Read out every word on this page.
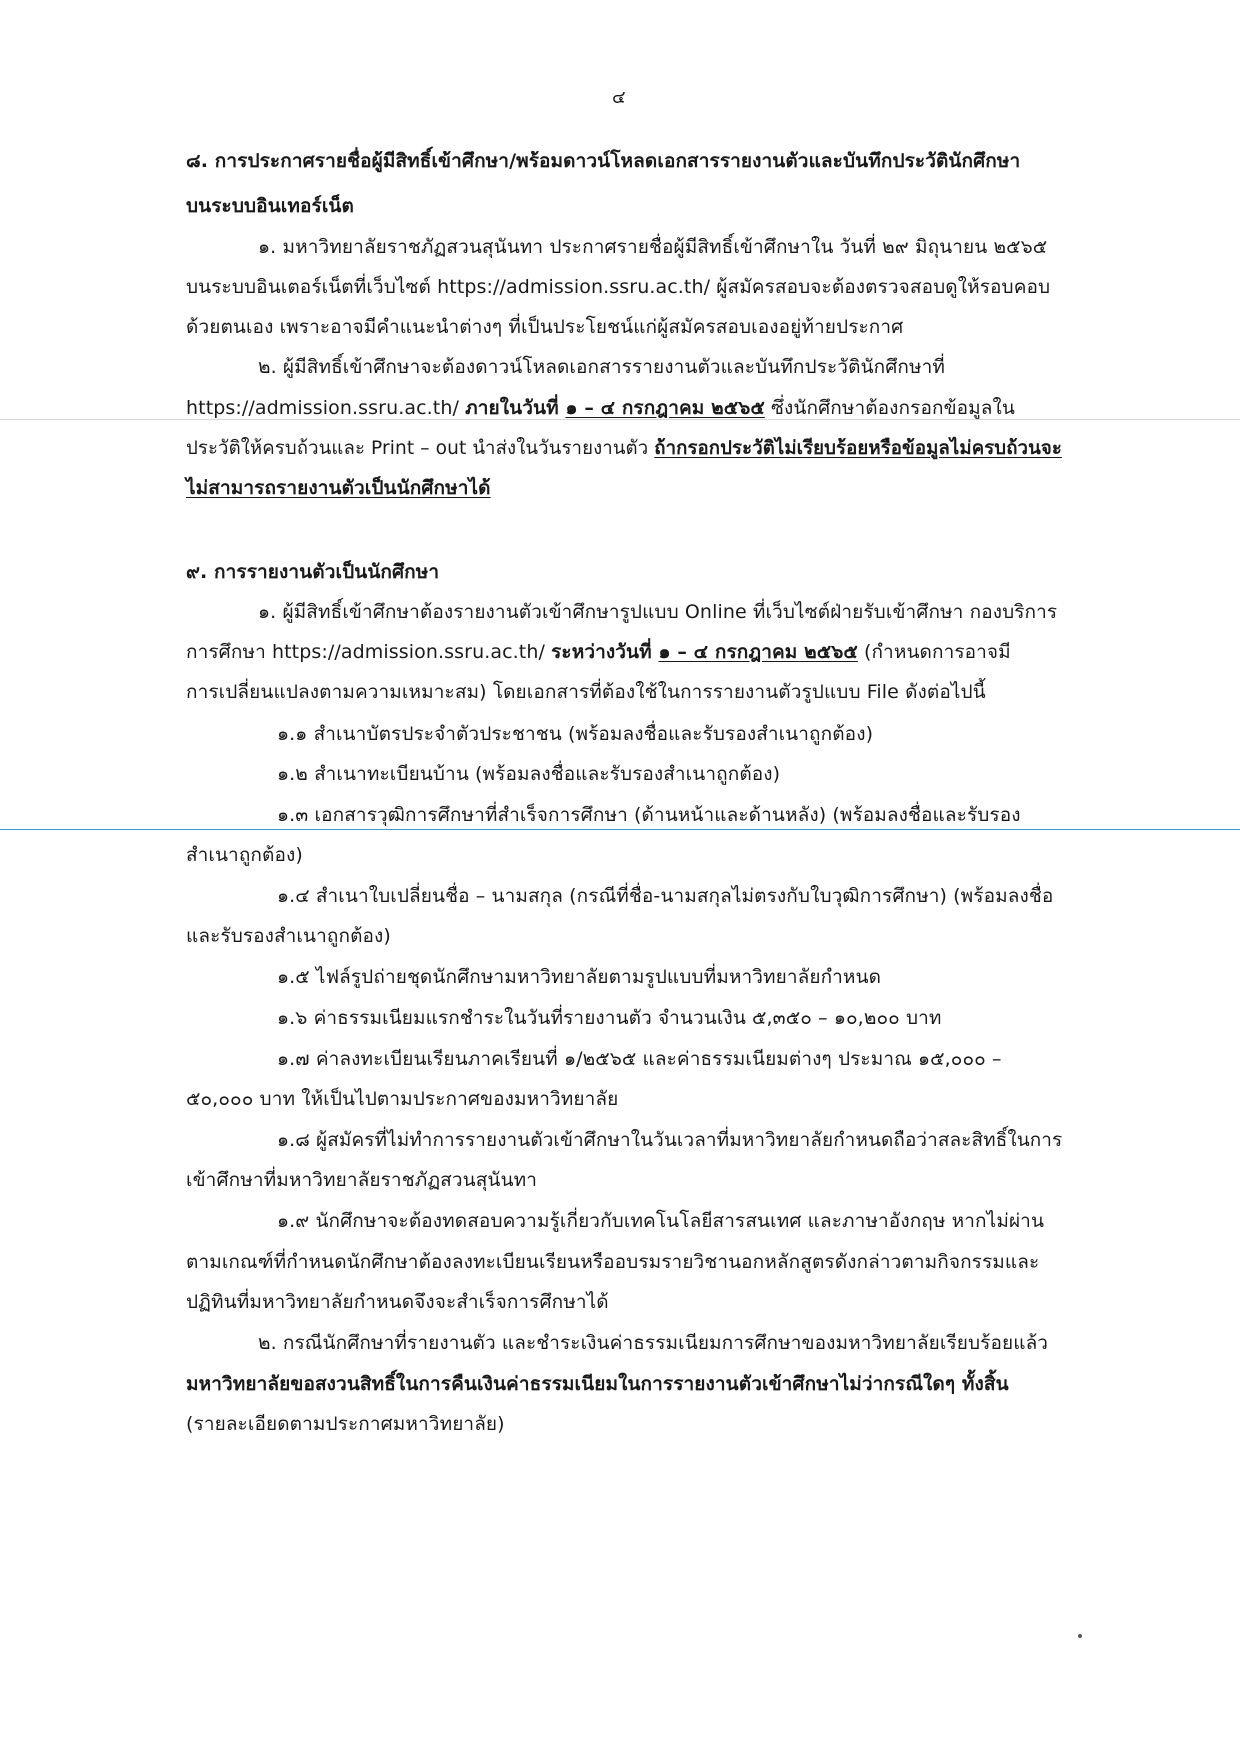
๔
๘. การประกาศรายชื่อผู้มีสิทธิ์เข้าศึกษา/พร้อมดาวน์โหลดเอกสารรายงานตัวและบันทึกประวัตินักศึกษา
บนระบบอินเทอร์เน็ต
๑. มหาวิทยาลัยราชภัฏสวนสุนันทา ประกาศรายชื่อผู้มีสิทธิ์เข้าศึกษาใน วันที่ ๒๙ มิถุนายน ๒๕๖๕
บนระบบอินเตอร์เน็ตที่เว็บไซต์ https://admission.ssru.ac.th/ ผู้สมัครสอบจะต้องตรวจสอบดูให้รอบคอบ
ด้วยตนเอง เพราะอาจมีคำแนะนำต่างๆ ที่เป็นประโยชน์แก่ผู้สมัครสอบเองอยู่ท้ายประกาศ
๒. ผู้มีสิทธิ์เข้าศึกษาจะต้องดาวน์โหลดเอกสารรายงานตัวและบันทึกประวัตินักศึกษาที่
https://admission.ssru.ac.th/ ภายในวันที่ ๑ – ๔ กรกฎาคม ๒๕๖๕ ซึ่งนักศึกษาต้องกรอกข้อมูลใน
ประวัติให้ครบถ้วนและ Print – out นำส่งในวันรายงานตัว ถ้ากรอกประวัติไม่เรียบร้อยหรือข้อมูลไม่ครบถ้วนจะ
ไม่สามารถรายงานตัวเป็นนักศึกษาได้
๙. การรายงานตัวเป็นนักศึกษา
๑. ผู้มีสิทธิ์เข้าศึกษาต้องรายงานตัวเข้าศึกษารูปแบบ Online ที่เว็บไซต์ฝ่ายรับเข้าศึกษา กองบริการ
การศึกษา https://admission.ssru.ac.th/ ระหว่างวันที่ ๑ – ๔ กรกฎาคม ๒๕๖๕ (กำหนดการอาจมี
การเปลี่ยนแปลงตามความเหมาะสม) โดยเอกสารที่ต้องใช้ในการรายงานตัวรูปแบบ File ดังต่อไปนี้
๑.๑ สำเนาบัตรประจำตัวประชาชน (พร้อมลงชื่อและรับรองสำเนาถูกต้อง)
๑.๒ สำเนาทะเบียนบ้าน (พร้อมลงชื่อและรับรองสำเนาถูกต้อง)
๑.๓ เอกสารวุฒิการศึกษาที่สำเร็จการศึกษา (ด้านหน้าและด้านหลัง) (พร้อมลงชื่อและรับรอง
สำเนาถูกต้อง)
๑.๔ สำเนาใบเปลี่ยนชื่อ – นามสกุล (กรณีที่ชื่อ-นามสกุลไม่ตรงกับใบวุฒิการศึกษา) (พร้อมลงชื่อ
และรับรองสำเนาถูกต้อง)
๑.๕ ไฟล์รูปถ่ายชุดนักศึกษามหาวิทยาลัยตามรูปแบบที่มหาวิทยาลัยกำหนด
๑.๖ ค่าธรรมเนียมแรกชำระในวันที่รายงานตัว จำนวนเงิน ๕,๓๕๐ – ๑๐,๒๐๐ บาท
๑.๗ ค่าลงทะเบียนเรียนภาคเรียนที่ ๑/๒๕๖๕ และค่าธรรมเนียมต่างๆ ประมาณ ๑๕,๐๐๐ –
๕๐,๐๐๐ บาท ให้เป็นไปตามประกาศของมหาวิทยาลัย
๑.๘ ผู้สมัครที่ไม่ทำการรายงานตัวเข้าศึกษาในวันเวลาที่มหาวิทยาลัยกำหนดถือว่าสละสิทธิ์ในการ
เข้าศึกษาที่มหาวิทยาลัยราชภัฏสวนสุนันทา
๑.๙ นักศึกษาจะต้องทดสอบความรู้เกี่ยวกับเทคโนโลยีสารสนเทศ และภาษาอังกฤษ หากไม่ผ่าน
ตามเกณฑ์ที่กำหนดนักศึกษาต้องลงทะเบียนเรียนหรืออบรมรายวิชานอกหลักสูตรดังกล่าวตามกิจกรรมและ
ปฏิทินที่มหาวิทยาลัยกำหนดจึงจะสำเร็จการศึกษาได้
๒. กรณีนักศึกษาที่รายงานตัว และชำระเงินค่าธรรมเนียมการศึกษาของมหาวิทยาลัยเรียบร้อยแล้ว
มหาวิทยาลัยขอสงวนสิทธิ์ในการคืนเงินค่าธรรมเนียมในการรายงานตัวเข้าศึกษาไม่ว่ากรณีใดๆ ทั้งสิ้น
(รายละเอียดตามประกาศมหาวิทยาลัย)
